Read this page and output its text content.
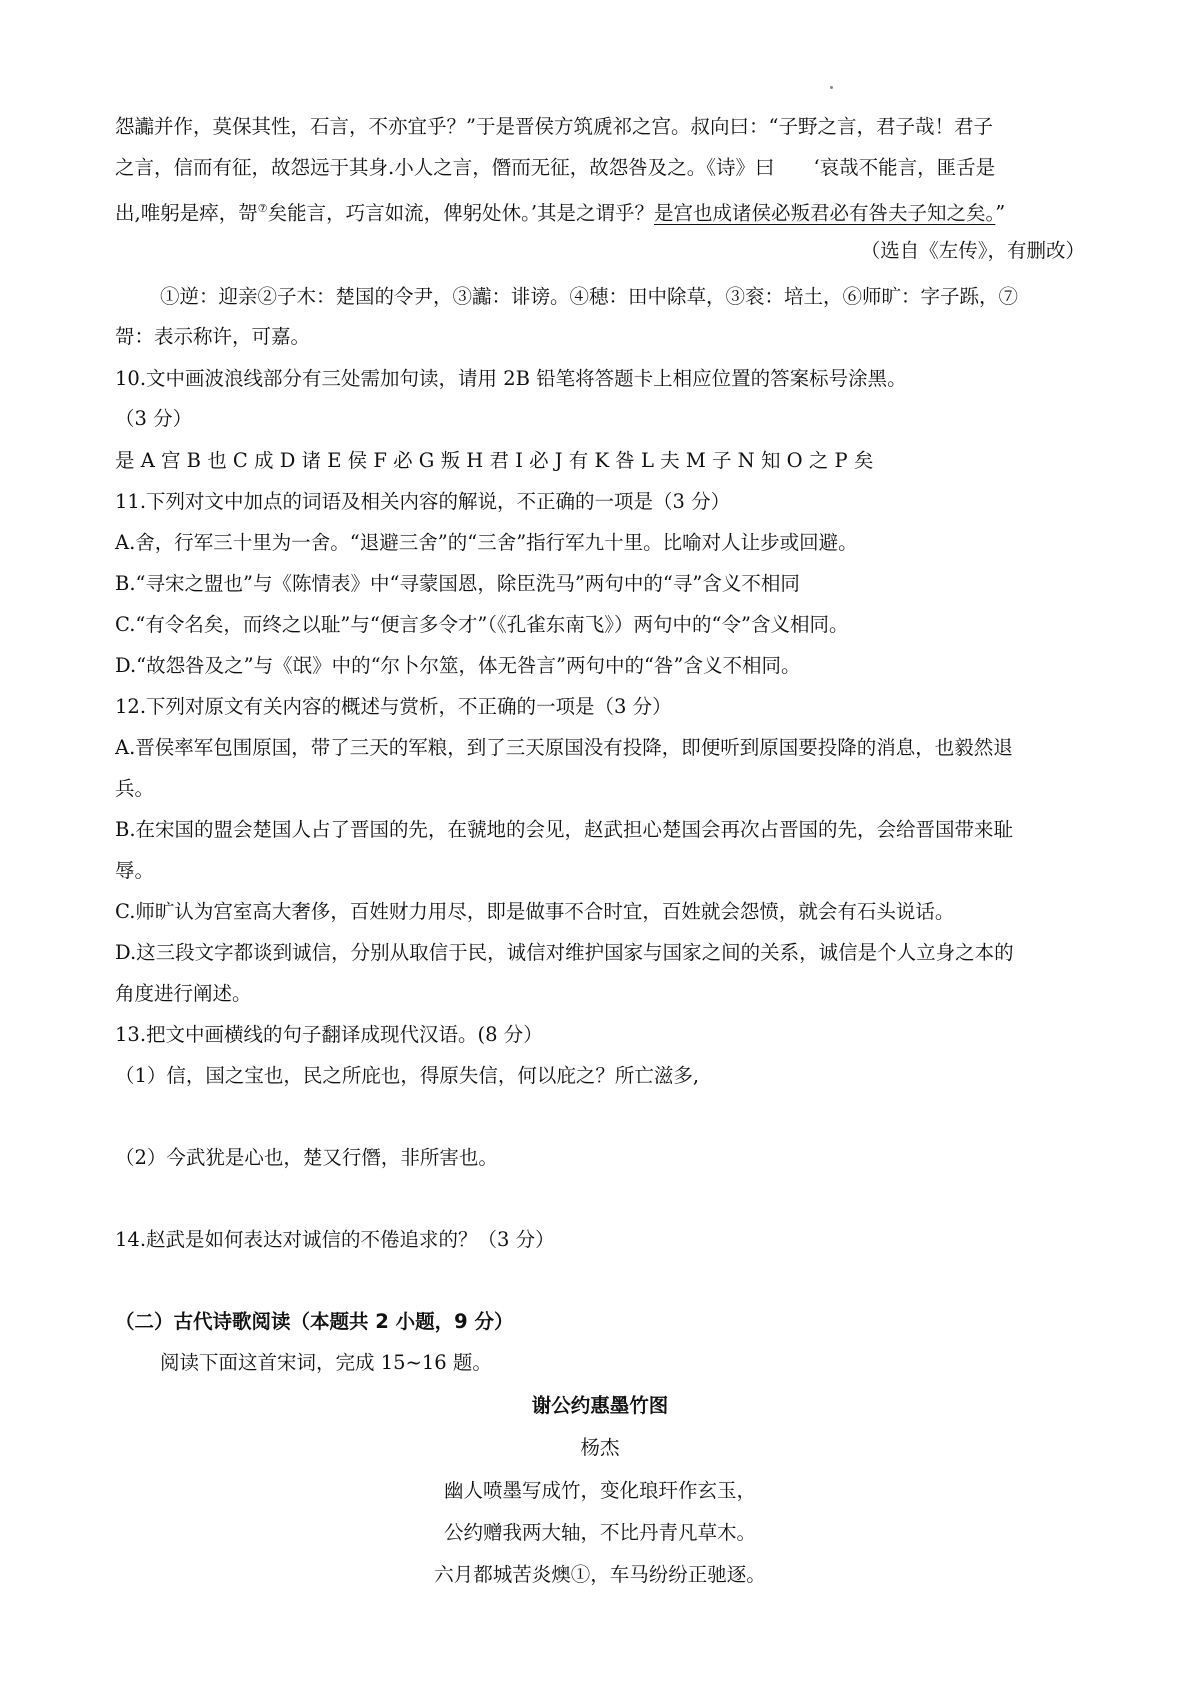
怨讟并作，莫保其性，石言，不亦宜乎？”于是晋侯方筑虒祁之宫。叔向曰：“子野之言，君子哉！君子
之言，信而有征，故怨远于其身.小人之言，僭而无征，故怨咎及之。《诗》曰　　‘哀哉不能言，匪舌是
出,唯躬是瘁，哿⑦矣能言，巧言如流，俾躬处休。’其是之谓乎？是宫也成诸侯必叛君必有咎夫子知之矣。”
（选自《左传》，有删改）
①逆：迎亲②子木：楚国的令尹，③讟：诽谤。④穂：田中除草，③衮：培土，⑥师旷：字子跞，⑦
哿：表示称许，可嘉。
10.文中画波浪线部分有三处需加句读，请用 2B 铅笔将答题卡上相应位置的答案标号涂黑。
（3 分）
是 A 宫 B 也 C 成 D 诸 E 侯 F 必 G 叛 H 君 I 必 J 有 K 咎 L 夫 M 子 N 知 O 之 P 矣
11.下列对文中加点的词语及相关内容的解说，不正确的一项是（3 分）
A.舍，行军三十里为一舍。“退避三舍”的“三舍”指行军九十里。比喻对人让步或回避。
B.“寻宋之盟也”与《陈情表》中“寻蒙国恩，除臣洗马”两句中的“寻”含义不相同
C.“有令名矣，而终之以耻”与“便言多令才”（《孔雀东南飞》）两句中的“令”含义相同。
D.“故怨咎及之”与《氓》中的“尔卜尔筮，体无咎言”两句中的“咎”含义不相同。
12.下列对原文有关内容的概述与赏析，不正确的一项是（3 分）
A.晋侯率军包围原国，带了三天的军粮，到了三天原国没有投降，即便听到原国要投降的消息，也毅然退
兵。
B.在宋国的盟会楚国人占了晋国的先，在虢地的会见，赵武担心楚国会再次占晋国的先，会给晋国带来耻
辱。
C.师旷认为宫室高大奢侈，百姓财力用尽，即是做事不合时宜，百姓就会怨愤，就会有石头说话。
D.这三段文字都谈到诚信，分别从取信于民，诚信对维护国家与国家之间的关系，诚信是个人立身之本的
角度进行阐述。
13.把文中画横线的句子翻译成现代汉语。(8 分）
（1）信，国之宝也，民之所庇也，得原失信，何以庇之？所亡滋多,
（2）今武犹是心也，楚又行僭，非所害也。
14.赵武是如何表达对诚信的不倦追求的？（3 分）
（二）古代诗歌阅读（本题共 2 小题，9 分）
阅读下面这首宋词，完成 15~16 题。
谢公约惠墨竹图
杨杰
幽人喷墨写成竹，变化琅玕作玄玉，
公约赠我两大轴，不比丹青凡草木。
六月都城苦炎燠①，车马纷纷正驰逐。
